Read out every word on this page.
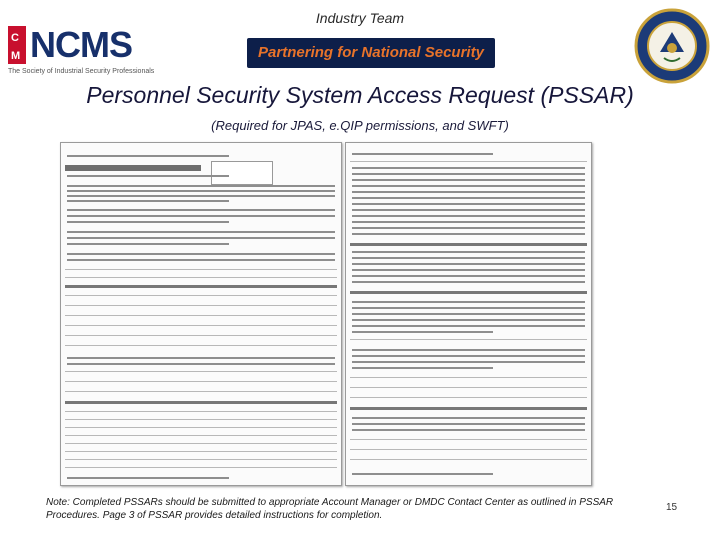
Industry Team
C
M NCMS
The Society of Industrial Security Professionals
Partnering for National Security
Personnel Security System Access Request (PSSAR)
(Required for JPAS, e.QIP permissions, and SWFT)
Note: Completed PSSARs should be submitted to appropriate Account Manager or DMDC Contact Center as outlined in PSSAR Procedures. Page 3 of PSSAR provides detailed instructions for completion.
15
